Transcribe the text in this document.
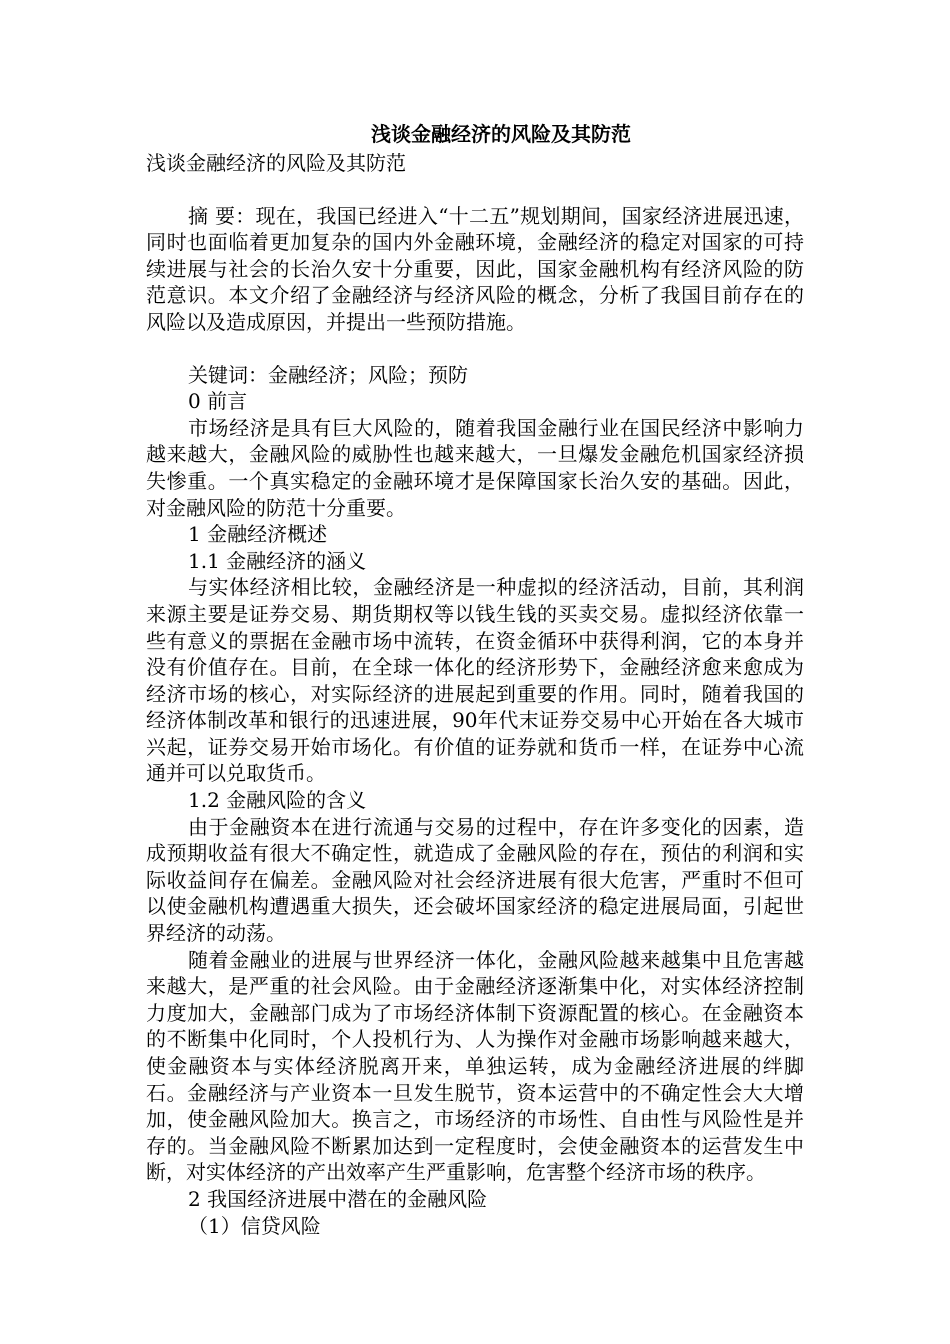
浅谈金融经济的风险及其防范
浅谈金融经济的风险及其防范
摘 要：现在，我国已经进入“十二五”规划期间，国家经济进展迅速，同时也面临着更加复杂的国内外金融环境，金融经济的稳定对国家的可持续进展与社会的长治久安十分重要，因此，国家金融机构有经济风险的防范意识。本文介绍了金融经济与经济风险的概念，分析了我国目前存在的风险以及造成原因，并提出一些预防措施。
关键词：金融经济；风险；预防
0 前言
市场经济是具有巨大风险的，随着我国金融行业在国民经济中影响力越来越大，金融风险的威胁性也越来越大，一旦爆发金融危机国家经济损失惨重。一个真实稳定的金融环境才是保障国家长治久安的基础。因此，对金融风险的防范十分重要。
1 金融经济概述
1.1 金融经济的涵义
与实体经济相比较，金融经济是一种虚拟的经济活动，目前，其利润来源主要是证券交易、期货期权等以钱生钱的买卖交易。虚拟经济依靠一些有意义的票据在金融市场中流转，在资金循环中获得利润，它的本身并没有价值存在。目前，在全球一体化的经济形势下，金融经济愈来愈成为经济市场的核心，对实际经济的进展起到重要的作用。同时，随着我国的经济体制改革和银行的迅速进展，90年代末证券交易中心开始在各大城市兴起，证券交易开始市场化。有价值的证券就和货币一样，在证券中心流通并可以兑取货币。
1.2 金融风险的含义
由于金融资本在进行流通与交易的过程中，存在许多变化的因素，造成预期收益有很大不确定性，就造成了金融风险的存在，预估的利润和实际收益间存在偏差。金融风险对社会经济进展有很大危害，严重时不但可以使金融机构遭遇重大损失，还会破坏国家经济的稳定进展局面，引起世界经济的动荡。
随着金融业的进展与世界经济一体化，金融风险越来越集中且危害越来越大，是严重的社会风险。由于金融经济逐渐集中化，对实体经济控制力度加大，金融部门成为了市场经济体制下资源配置的核心。在金融资本的不断集中化同时，个人投机行为、人为操作对金融市场影响越来越大，使金融资本与实体经济脱离开来，单独运转，成为金融经济进展的绊脚石。金融经济与产业资本一旦发生脱节，资本运营中的不确定性会大大增加，使金融风险加大。换言之，市场经济的市场性、自由性与风险性是并存的。当金融风险不断累加达到一定程度时，会使金融资本的运营发生中断，对实体经济的产出效率产生严重影响，危害整个经济市场的秩序。
2 我国经济进展中潜在的金融风险
（1）信贷风险
